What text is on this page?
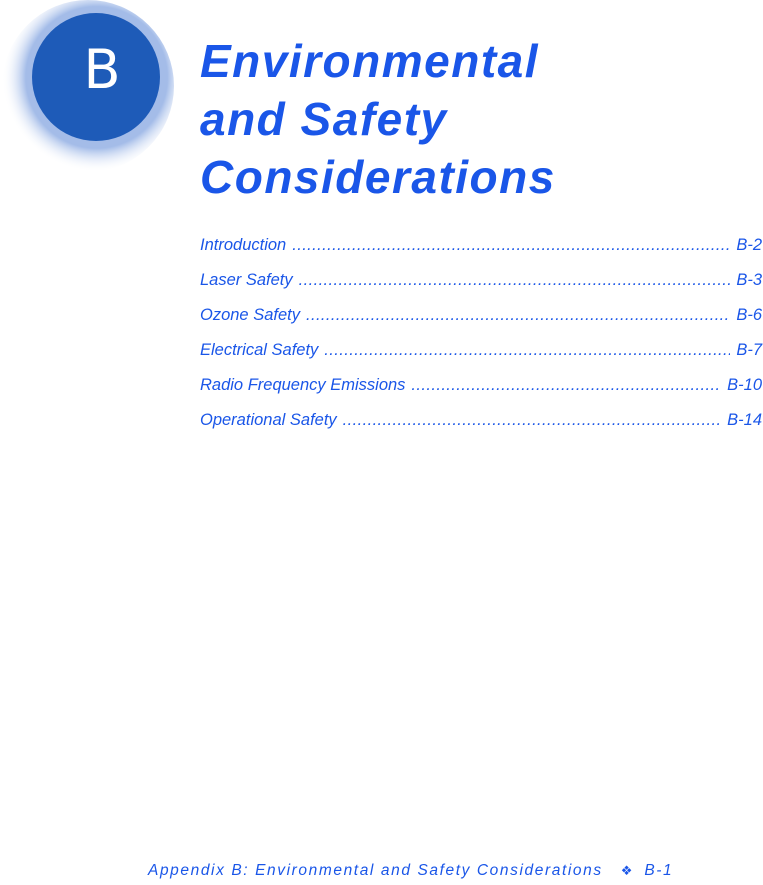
B	Environmental
and Safety
Considerations
Introduction .....	B-2
Laser Safety .....	B-3
Ozone Safety .....	B-6
Electrical Safety .....	B-7
Radio Frequency Emissions .....	B-10
Operational Safety .....	B-14
Appendix B: Environmental and Safety Considerations ❖ B-1
